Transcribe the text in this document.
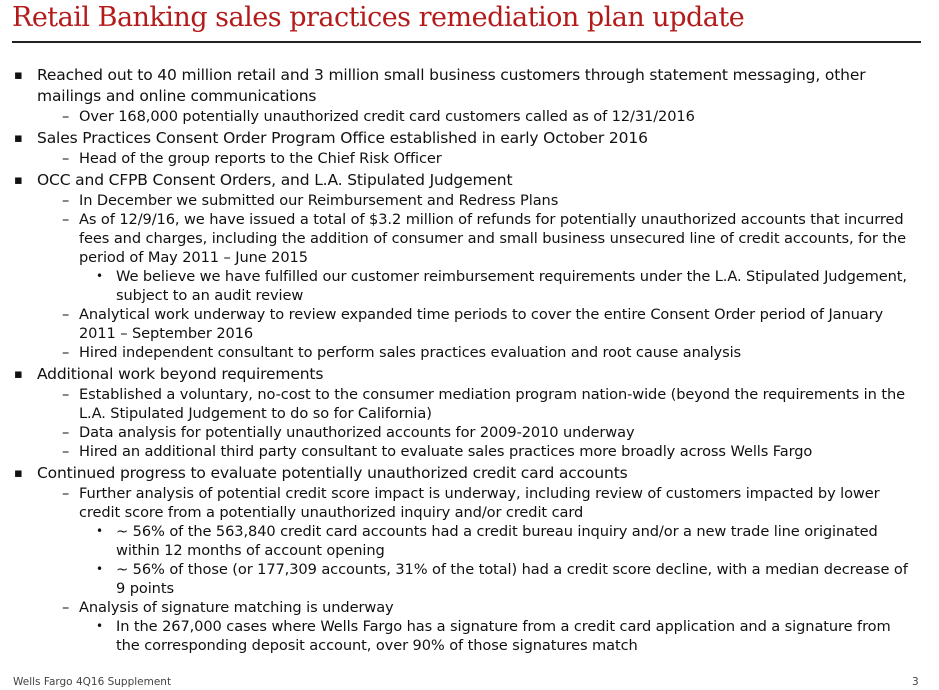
Retail Banking sales practices remediation plan update
▪ Reached out to 40 million retail and 3 million small business customers through statement messaging, other mailings and online communications
– Over 168,000 potentially unauthorized credit card customers called as of 12/31/2016
▪ Sales Practices Consent Order Program Office established in early October 2016
– Head of the group reports to the Chief Risk Officer
▪ OCC and CFPB Consent Orders, and L.A. Stipulated Judgement
– In December we submitted our Reimbursement and Redress Plans
– As of 12/9/16, we have issued a total of $3.2 million of refunds for potentially unauthorized accounts that incurred fees and charges, including the addition of consumer and small business unsecured line of credit accounts, for the period of May 2011 – June 2015
• We believe we have fulfilled our customer reimbursement requirements under the L.A. Stipulated Judgement, subject to an audit review
– Analytical work underway to review expanded time periods to cover the entire Consent Order period of January 2011 – September 2016
– Hired independent consultant to perform sales practices evaluation and root cause analysis
▪ Additional work beyond requirements
– Established a voluntary, no-cost to the consumer mediation program nation-wide (beyond the requirements in the L.A. Stipulated Judgement to do so for California)
– Data analysis for potentially unauthorized accounts for 2009-2010 underway
– Hired an additional third party consultant to evaluate sales practices more broadly across Wells Fargo
▪ Continued progress to evaluate potentially unauthorized credit card accounts
– Further analysis of potential credit score impact is underway, including review of customers impacted by lower credit score from a potentially unauthorized inquiry and/or credit card
• ~ 56% of the 563,840 credit card accounts had a credit bureau inquiry and/or a new trade line originated within 12 months of account opening
• ~ 56% of those (or 177,309 accounts, 31% of the total) had a credit score decline, with a median decrease of 9 points
– Analysis of signature matching is underway
• In the 267,000 cases where Wells Fargo has a signature from a credit card application and a signature from the corresponding deposit account, over 90% of those signatures match
Wells Fargo 4Q16 Supplement	3
